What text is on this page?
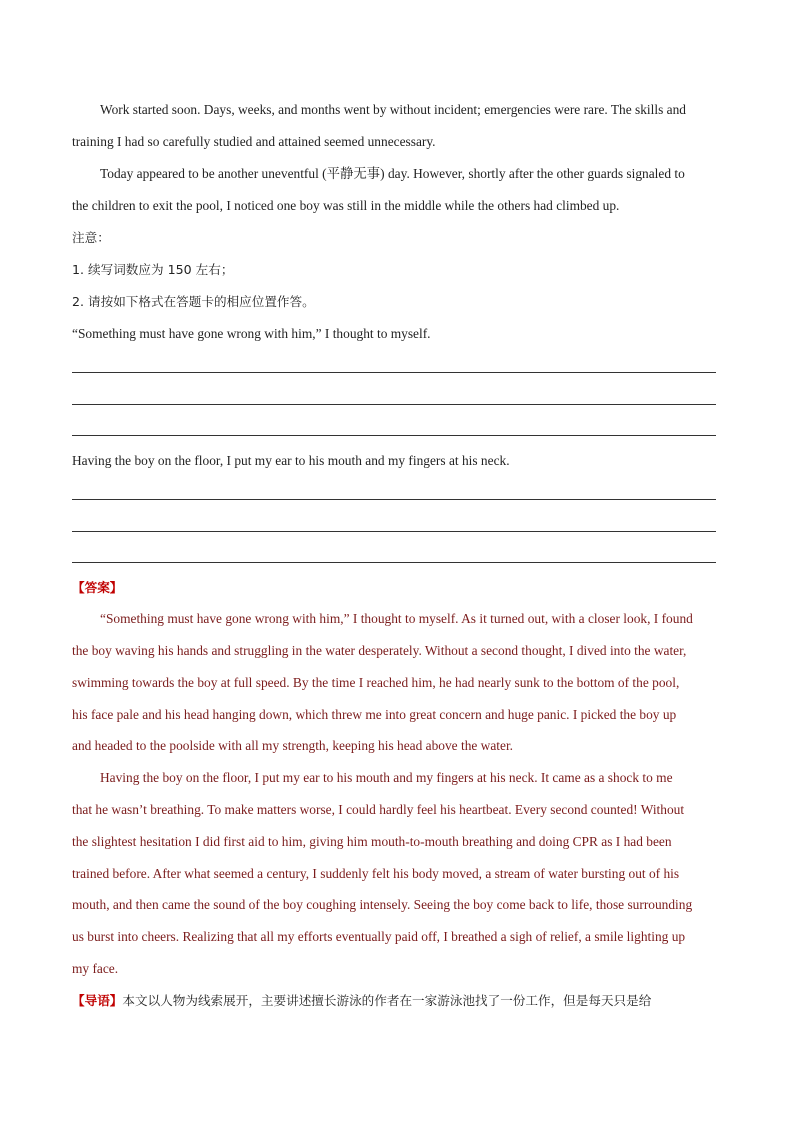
Work started soon. Days, weeks, and months went by without incident; emergencies were rare. The skills and

training I had so carefully studied and attained seemed unnecessary.

Today appeared to be another uneventful (平静无事) day. However, shortly after the other guards signaled to

the children to exit the pool, I noticed one boy was still in the middle while the others had climbed up.

注意：

1. 续写词数应为 150 左右；

2. 请按如下格式在答题卡的相应位置作答。

“Something must have gone wrong with him,” I thought to myself.

Having the boy on the floor, I put my ear to his mouth and my fingers at his neck.

【答案】

“Something must have gone wrong with him,” I thought to myself. As it turned out, with a closer look, I found

the boy waving his hands and struggling in the water desperately. Without a second thought, I dived into the water,

swimming towards the boy at full speed. By the time I reached him, he had nearly sunk to the bottom of the pool,

his face pale and his head hanging down, which threw me into great concern and huge panic. I picked the boy up

and headed to the poolside with all my strength, keeping his head above the water.

Having the boy on the floor, I put my ear to his mouth and my fingers at his neck. It came as a shock to me

that he wasn’t breathing. To make matters worse, I could hardly feel his heartbeat. Every second counted! Without

the slightest hesitation I did first aid to him, giving him mouth-to-mouth breathing and doing CPR as I had been

trained before. After what seemed a century, I suddenly felt his body moved, a stream of water bursting out of his

mouth, and then came the sound of the boy coughing intensely. Seeing the boy come back to life, those surrounding

us burst into cheers. Realizing that all my efforts eventually paid off, I breathed a sigh of relief, a smile lighting up

my face.

【导语】本文以人物为线索展开，主要讲述擅长游泳的作者在一家游泳池找了一份工作，但是每天只是给
